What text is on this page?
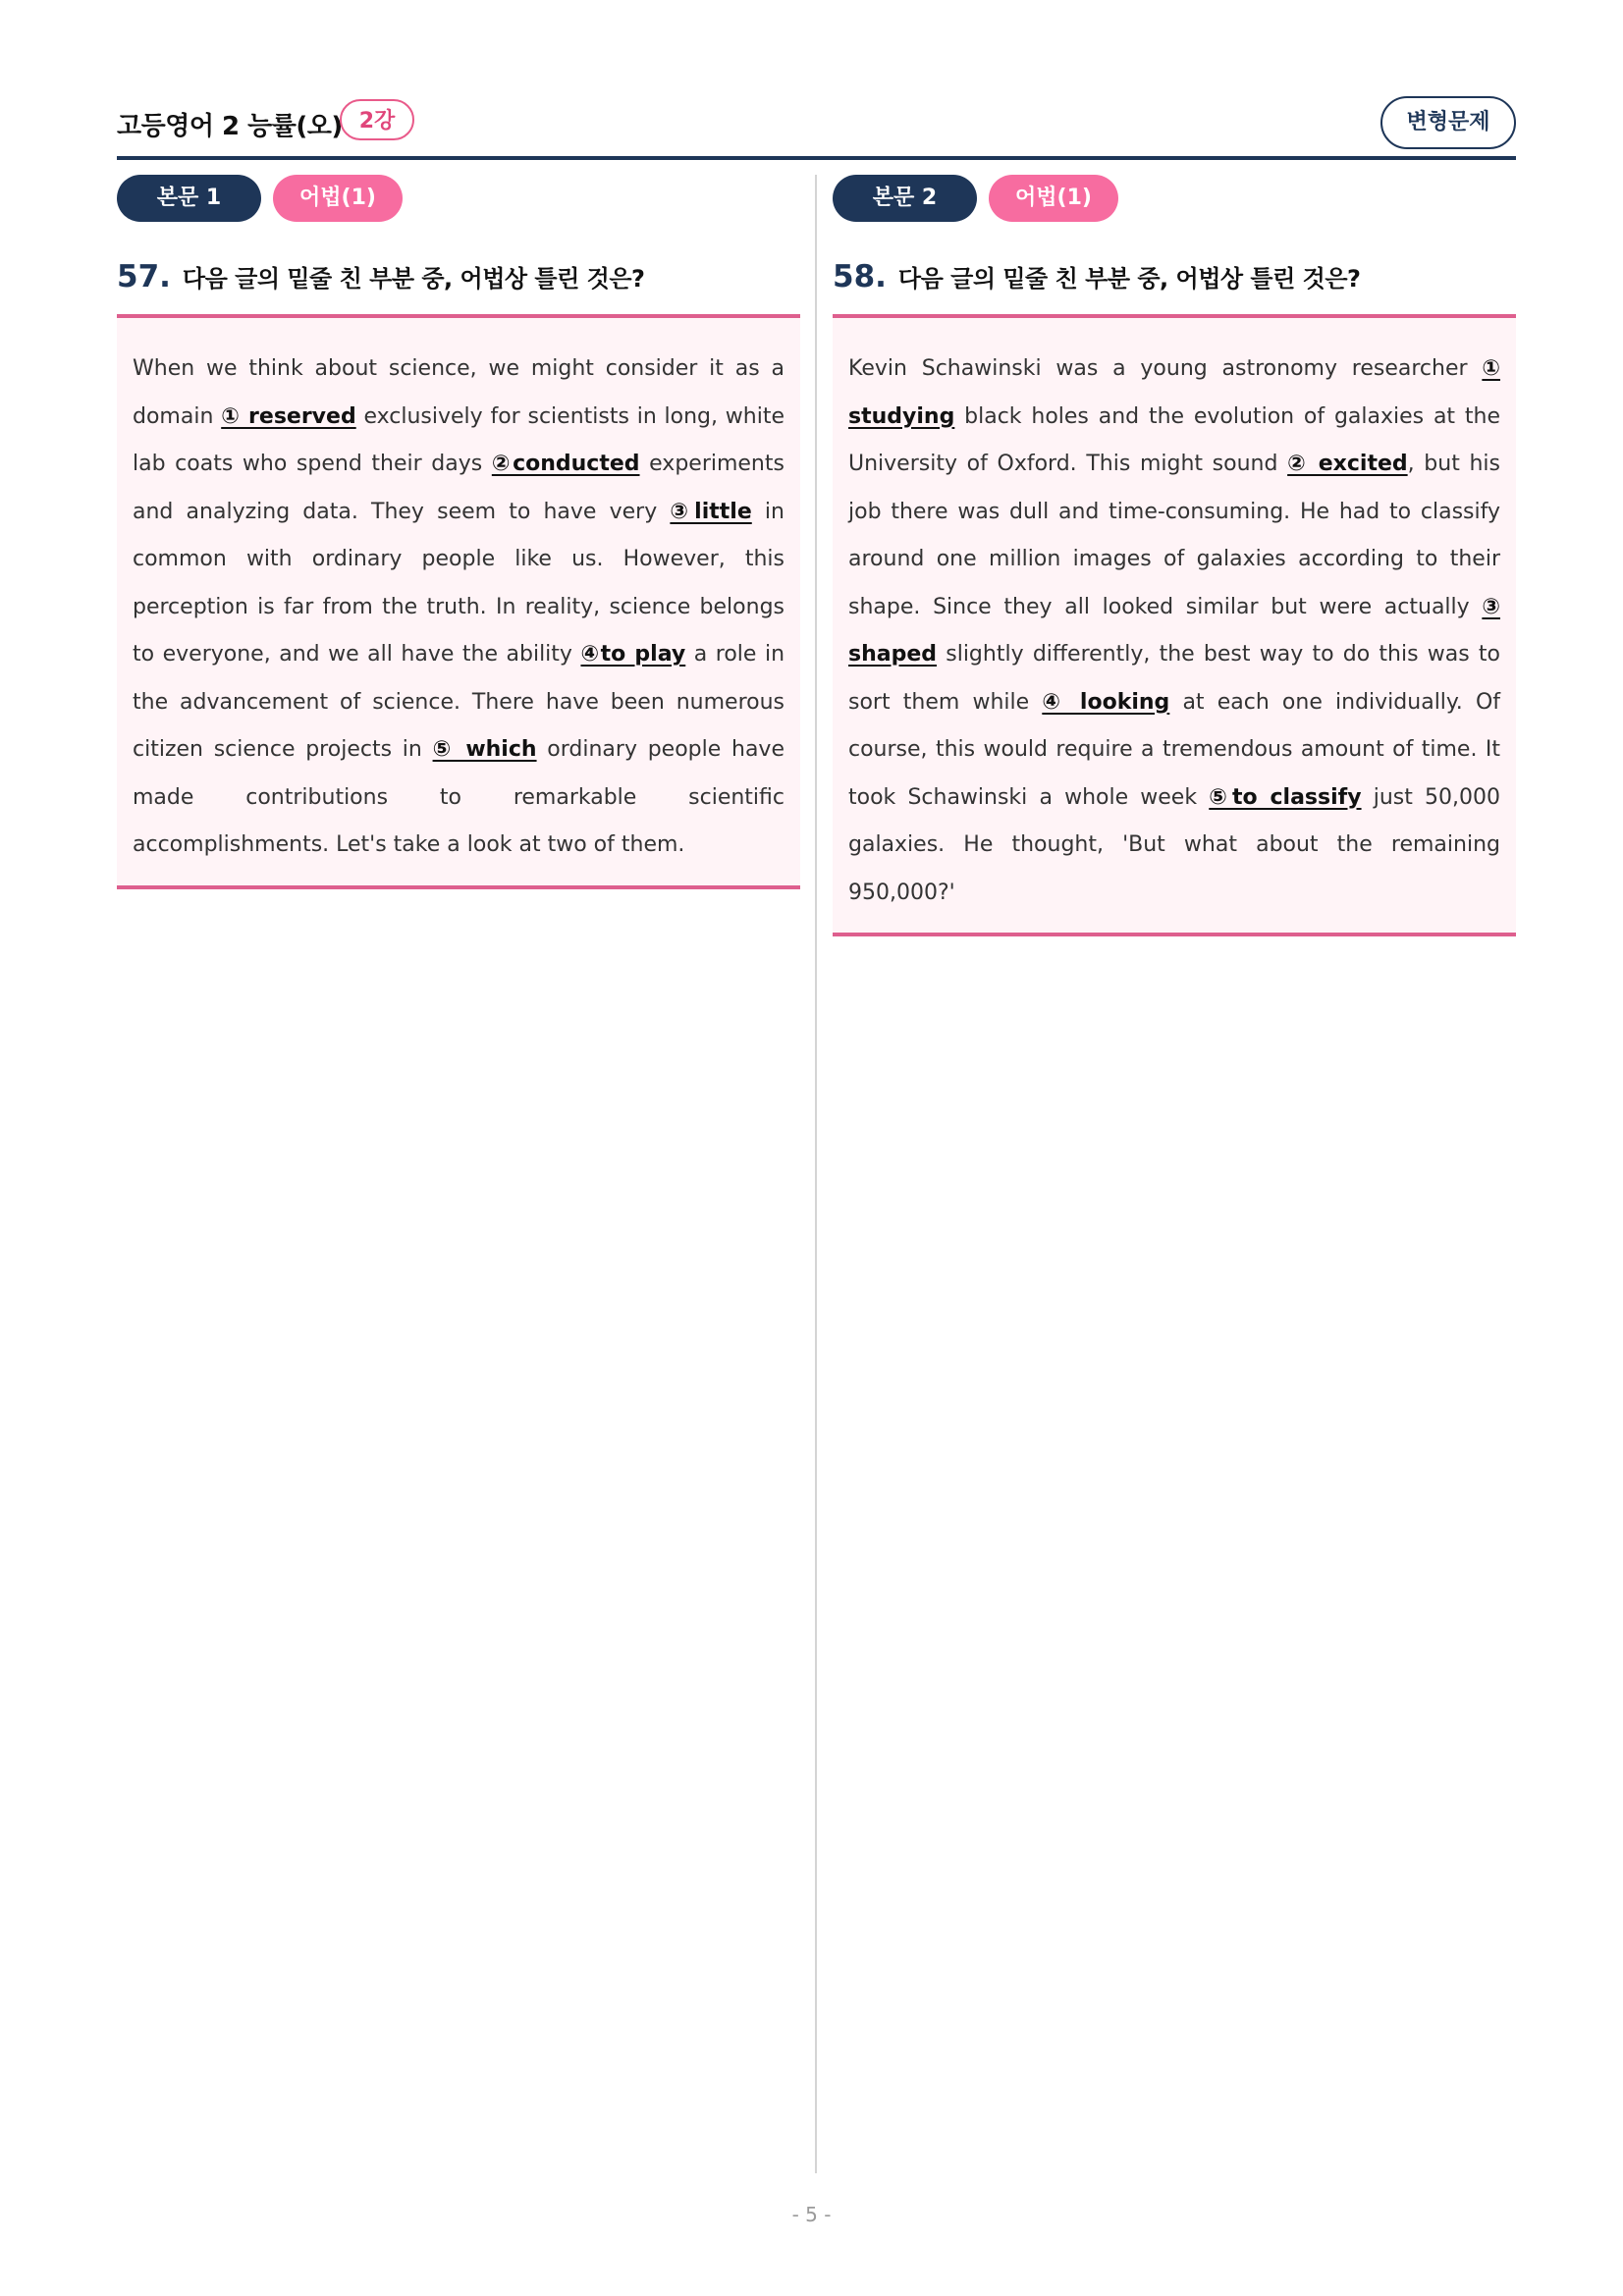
고등영어 2 능률(오) 2강	변형문제
본문 1	어법(1)
57. 다음 글의 밑줄 친 부분 중, 어법상 틀린 것은?
When we think about science, we might consider it as a domain ① reserved exclusively for scientists in long, white lab coats who spend their days ②conducted experiments and analyzing data. They seem to have very ③little in common with ordinary people like us. However, this perception is far from the truth. In reality, science belongs to everyone, and we all have the ability ④to play a role in the advancement of science. There have been numerous citizen science projects in ⑤ which ordinary people have made contributions to remarkable scientific accomplishments. Let's take a look at two of them.
본문 2	어법(1)
58. 다음 글의 밑줄 친 부분 중, 어법상 틀린 것은?
Kevin Schawinski was a young astronomy researcher ① studying black holes and the evolution of galaxies at the University of Oxford. This might sound ② excited, but his job there was dull and time-consuming. He had to classify around one million images of galaxies according to their shape. Since they all looked similar but were actually ③ shaped slightly differently, the best way to do this was to sort them while ④ looking at each one individually. Of course, this would require a tremendous amount of time. It took Schawinski a whole week ⑤to classify just 50,000 galaxies. He thought, 'But what about the remaining 950,000?'
- 5 -
